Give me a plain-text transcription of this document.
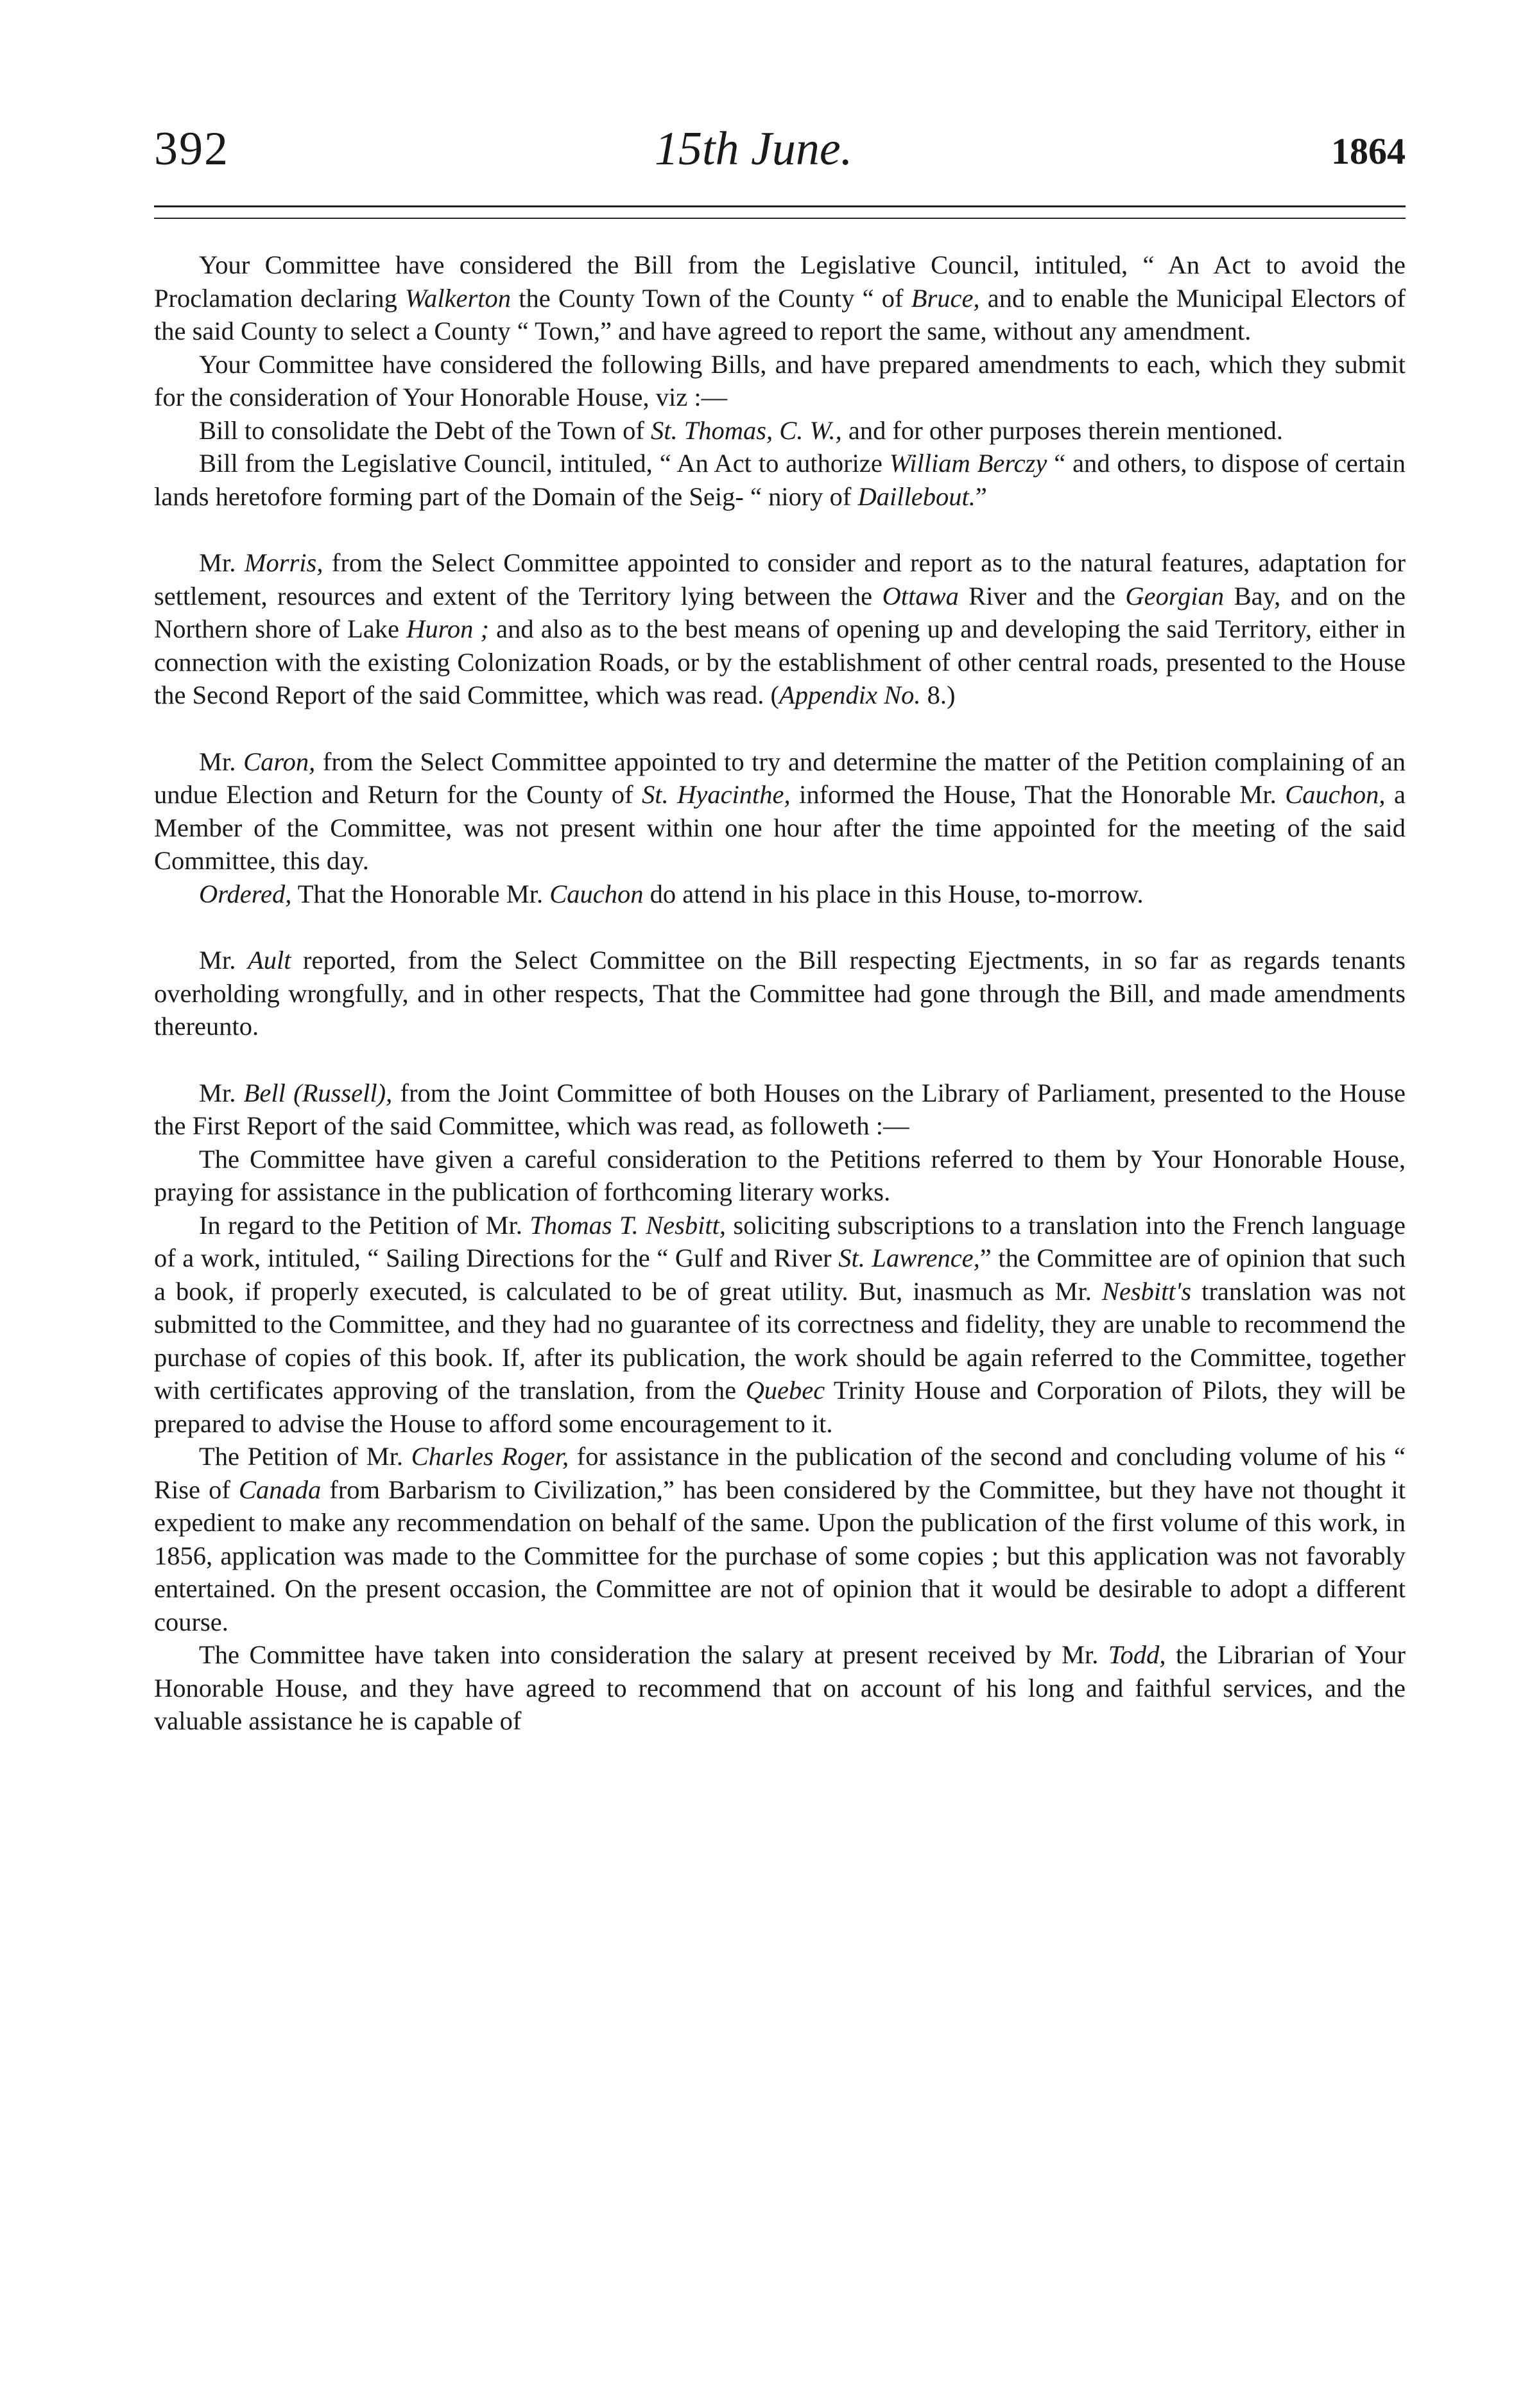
392	15th June.	1864

Your Committee have considered the Bill from the Legislative Council, intituled, “ An Act to avoid the Proclamation declaring Walkerton the County Town of the County “ of Bruce, and to enable the Municipal Electors of the said County to select a County “ Town,” and have agreed to report the same, without any amendment.

Your Committee have considered the following Bills, and have prepared amendments to each, which they submit for the consideration of Your Honorable House, viz :—

Bill to consolidate the Debt of the Town of St. Thomas, C. W., and for other purposes therein mentioned.

Bill from the Legislative Council, intituled, “ An Act to authorize William Berczy “ and others, to dispose of certain lands heretofore forming part of the Domain of the Seig- “ niory of Daillebout.”

Mr. Morris, from the Select Committee appointed to consider and report as to the natural features, adaptation for settlement, resources and extent of the Territory lying between the Ottawa River and the Georgian Bay, and on the Northern shore of Lake Huron ; and also as to the best means of opening up and developing the said Territory, either in connection with the existing Colonization Roads, or by the establishment of other central roads, presented to the House the Second Report of the said Committee, which was read. (Appendix No. 8.)

Mr. Caron, from the Select Committee appointed to try and determine the matter of the Petition complaining of an undue Election and Return for the County of St. Hyacinthe, informed the House, That the Honorable Mr. Cauchon, a Member of the Committee, was not present within one hour after the time appointed for the meeting of the said Committee, this day.

Ordered, That the Honorable Mr. Cauchon do attend in his place in this House, to-morrow.

Mr. Ault reported, from the Select Committee on the Bill respecting Ejectments, in so far as regards tenants overholding wrongfully, and in other respects, That the Committee had gone through the Bill, and made amendments thereunto.

Mr. Bell (Russell), from the Joint Committee of both Houses on the Library of Parliament, presented to the House the First Report of the said Committee, which was read, as followeth :—

The Committee have given a careful consideration to the Petitions referred to them by Your Honorable House, praying for assistance in the publication of forthcoming literary works.

In regard to the Petition of Mr. Thomas T. Nesbitt, soliciting subscriptions to a translation into the French language of a work, intituled, “ Sailing Directions for the “ Gulf and River St. Lawrence,” the Committee are of opinion that such a book, if properly executed, is calculated to be of great utility. But, inasmuch as Mr. Nesbitt's translation was not submitted to the Committee, and they had no guarantee of its correctness and fidelity, they are unable to recommend the purchase of copies of this book. If, after its publication, the work should be again referred to the Committee, together with certificates approving of the translation, from the Quebec Trinity House and Corporation of Pilots, they will be prepared to advise the House to afford some encouragement to it.

The Petition of Mr. Charles Roger, for assistance in the publication of the second and concluding volume of his “ Rise of Canada from Barbarism to Civilization,” has been considered by the Committee, but they have not thought it expedient to make any recommendation on behalf of the same. Upon the publication of the first volume of this work, in 1856, application was made to the Committee for the purchase of some copies ; but this application was not favorably entertained. On the present occasion, the Committee are not of opinion that it would be desirable to adopt a different course.

The Committee have taken into consideration the salary at present received by Mr. Todd, the Librarian of Your Honorable House, and they have agreed to recommend that on account of his long and faithful services, and the valuable assistance he is capable of
